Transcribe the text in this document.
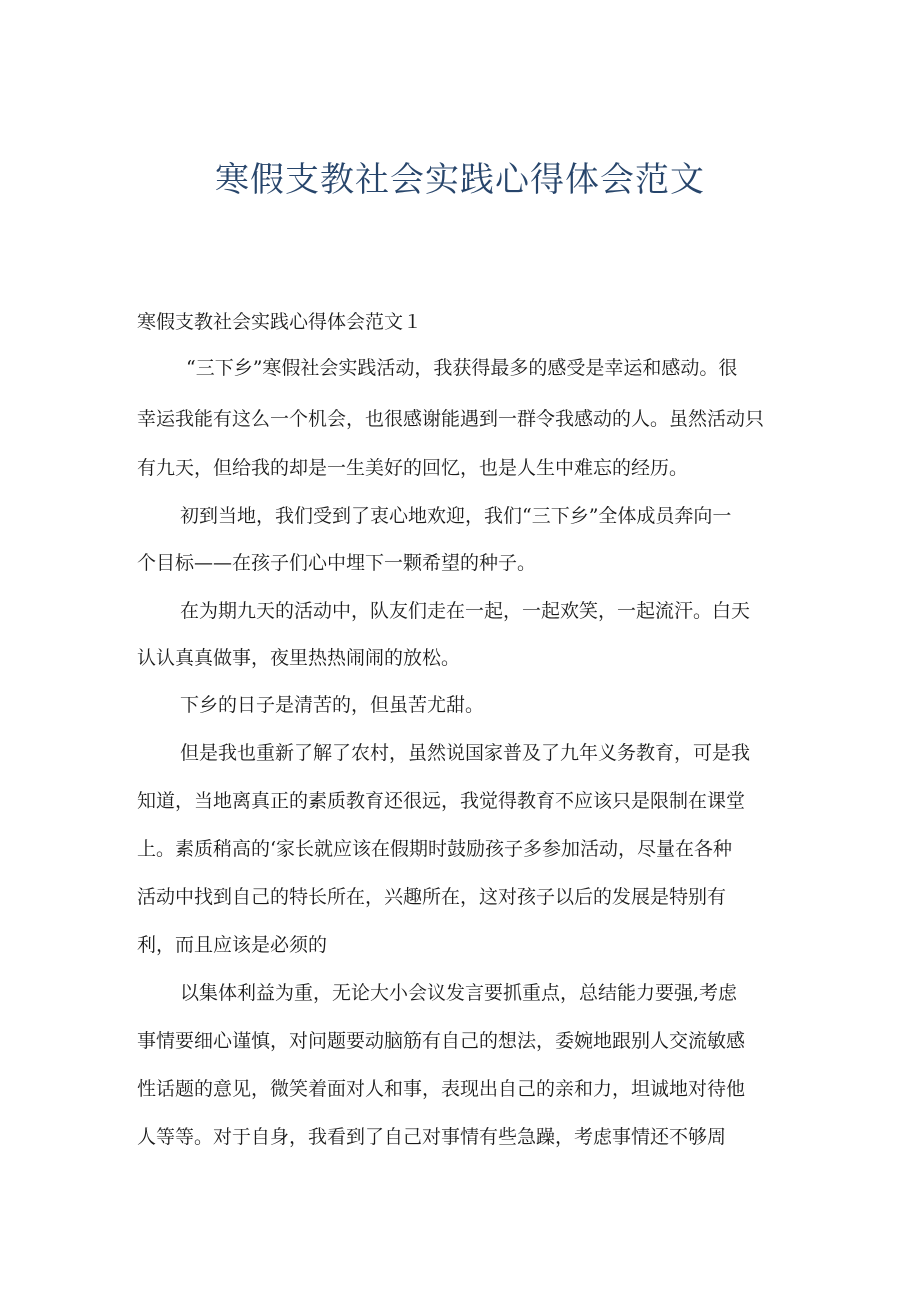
寒假支教社会实践心得体会范文
寒假支教社会实践心得体会范文１

“三下乡”寒假社会实践活动，我获得最多的感受是幸运和感动。很

幸运我能有这么一个机会，也很感谢能遇到一群令我感动的人。虽然活动只

有九天，但给我的却是一生美好的回忆，也是人生中难忘的经历。

初到当地，我们受到了衷心地欢迎，我们“三下乡”全体成员奔向一

个目标——在孩子们心中埋下一颗希望的种子。

在为期九天的活动中，队友们走在一起，一起欢笑，一起流汗。白天

认认真真做事，夜里热热闹闹的放松。

下乡的日子是清苦的，但虽苦尤甜。

但是我也重新了解了农村，虽然说国家普及了九年义务教育，可是我

知道，当地离真正的素质教育还很远，我觉得教育不应该只是限制在课堂

上。素质稍高的‘家长就应该在假期时鼓励孩子多参加活动，尽量在各种

活动中找到自己的特长所在，兴趣所在，这对孩子以后的发展是特别有

利，而且应该是必须的

以集体利益为重，无论大小会议发言要抓重点，总结能力要强,考虑

事情要细心谨慎，对问题要动脑筋有自己的想法，委婉地跟别人交流敏感

性话题的意见，微笑着面对人和事，表现出自己的亲和力，坦诚地对待他

人等等。对于自身，我看到了自己对事情有些急躁，考虑事情还不够周
